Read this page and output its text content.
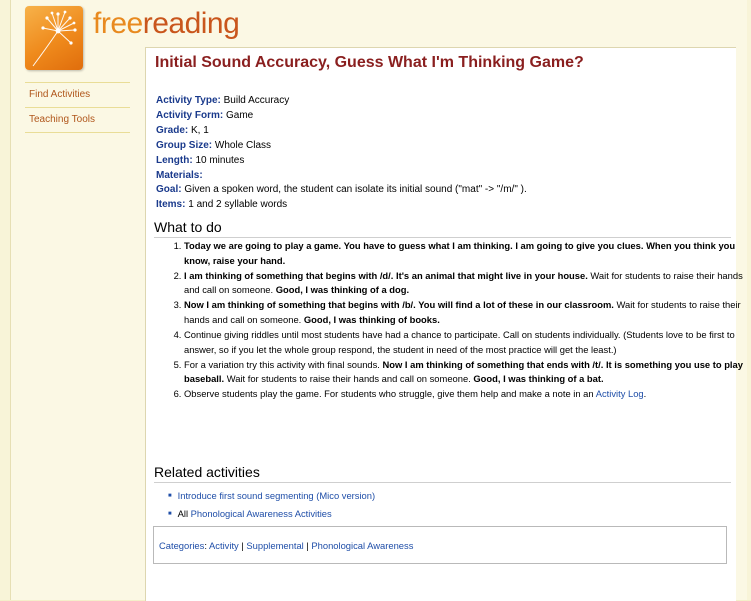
freereading
Find Activities
Teaching Tools
Initial Sound Accuracy, Guess What I'm Thinking Game?
Activity Type: Build Accuracy
Activity Form: Game
Grade: K, 1
Group Size: Whole Class
Length: 10 minutes
Materials:
Goal: Given a spoken word, the student can isolate its initial sound ("mat" -> "/m/" ).
Items: 1 and 2 syllable words
What to do
1. Today we are going to play a game. You have to guess what I am thinking. I am going to give you clues. When you think you know, raise your hand.
2. I am thinking of something that begins with /d/. It's an animal that might live in your house. Wait for students to raise their hands and call on someone. Good, I was thinking of a dog.
3. Now I am thinking of something that begins with /b/. You will find a lot of these in our classroom. Wait for students to raise their hands and call on someone. Good, I was thinking of books.
4. Continue giving riddles until most students have had a chance to participate. Call on students individually. (Students love to be first to answer, so if you let the whole group respond, the student in need of the most practice will get the least.)
5. For a variation try this activity with final sounds. Now I am thinking of something that ends with /t/. It is something you use to play baseball. Wait for students to raise their hands and call on someone. Good, I was thinking of a bat.
6. Observe students play the game. For students who struggle, give them help and make a note in an Activity Log.
Related activities
■ Introduce first sound segmenting (Mico version)
■ All Phonological Awareness Activities
Categories: Activity | Supplemental | Phonological Awareness
